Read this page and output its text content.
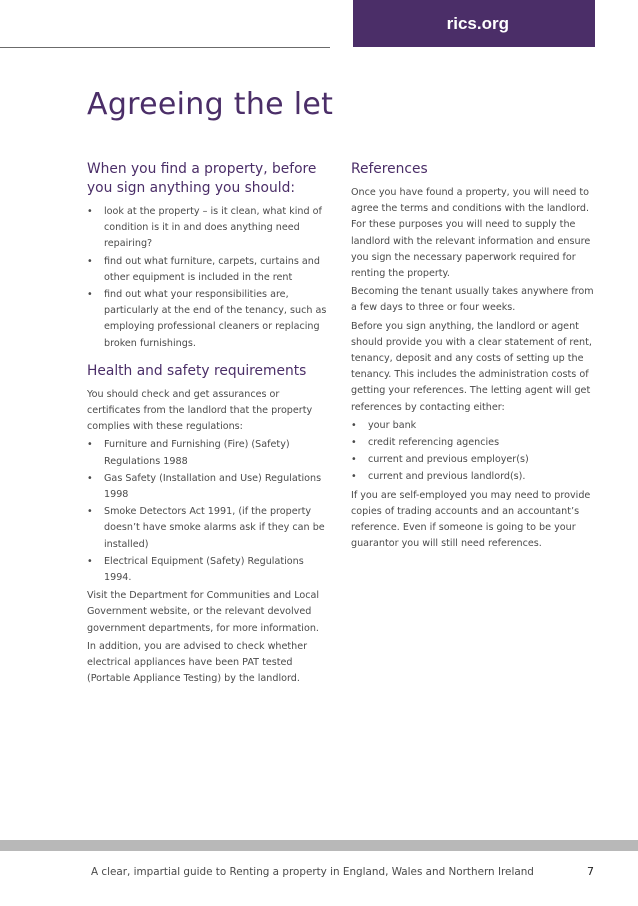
rics.org
Agreeing the let
When you find a property, before you sign anything you should:
• look at the property – is it clean, what kind of condition is it in and does anything need repairing?
• find out what furniture, carpets, curtains and other equipment is included in the rent
• find out what your responsibilities are, particularly at the end of the tenancy, such as employing professional cleaners or replacing broken furnishings.
Health and safety requirements

You should check and get assurances or certificates from the landlord that the property complies with these regulations:

• Furniture and Furnishing (Fire) (Safety) Regulations 1988
• Gas Safety (Installation and Use) Regulations 1998
• Smoke Detectors Act 1991, (if the property doesn’t have smoke alarms ask if they can be installed)
• Electrical Equipment (Safety) Regulations 1994.

Visit the Department for Communities and Local Government website, or the relevant devolved government departments, for more information.

In addition, you are advised to check whether electrical appliances have been PAT tested (Portable Appliance Testing) by the landlord.

References

Once you have found a property, you will need to agree the terms and conditions with the landlord. For these purposes you will need to supply the landlord with the relevant information and ensure you sign the necessary paperwork required for renting the property.

Becoming the tenant usually takes anywhere from a few days to three or four weeks.

Before you sign anything, the landlord or agent should provide you with a clear statement of rent, tenancy, deposit and any costs of setting up the tenancy. This includes the administration costs of getting your references. The letting agent will get references by contacting either:

• your bank
• credit referencing agencies
• current and previous employer(s)
• current and previous landlord(s).

If you are self-employed you may need to provide copies of trading accounts and an accountant’s reference. Even if someone is going to be your guarantor you will still need references.

A clear, impartial guide to Renting a property in England, Wales and Northern Ireland	7
